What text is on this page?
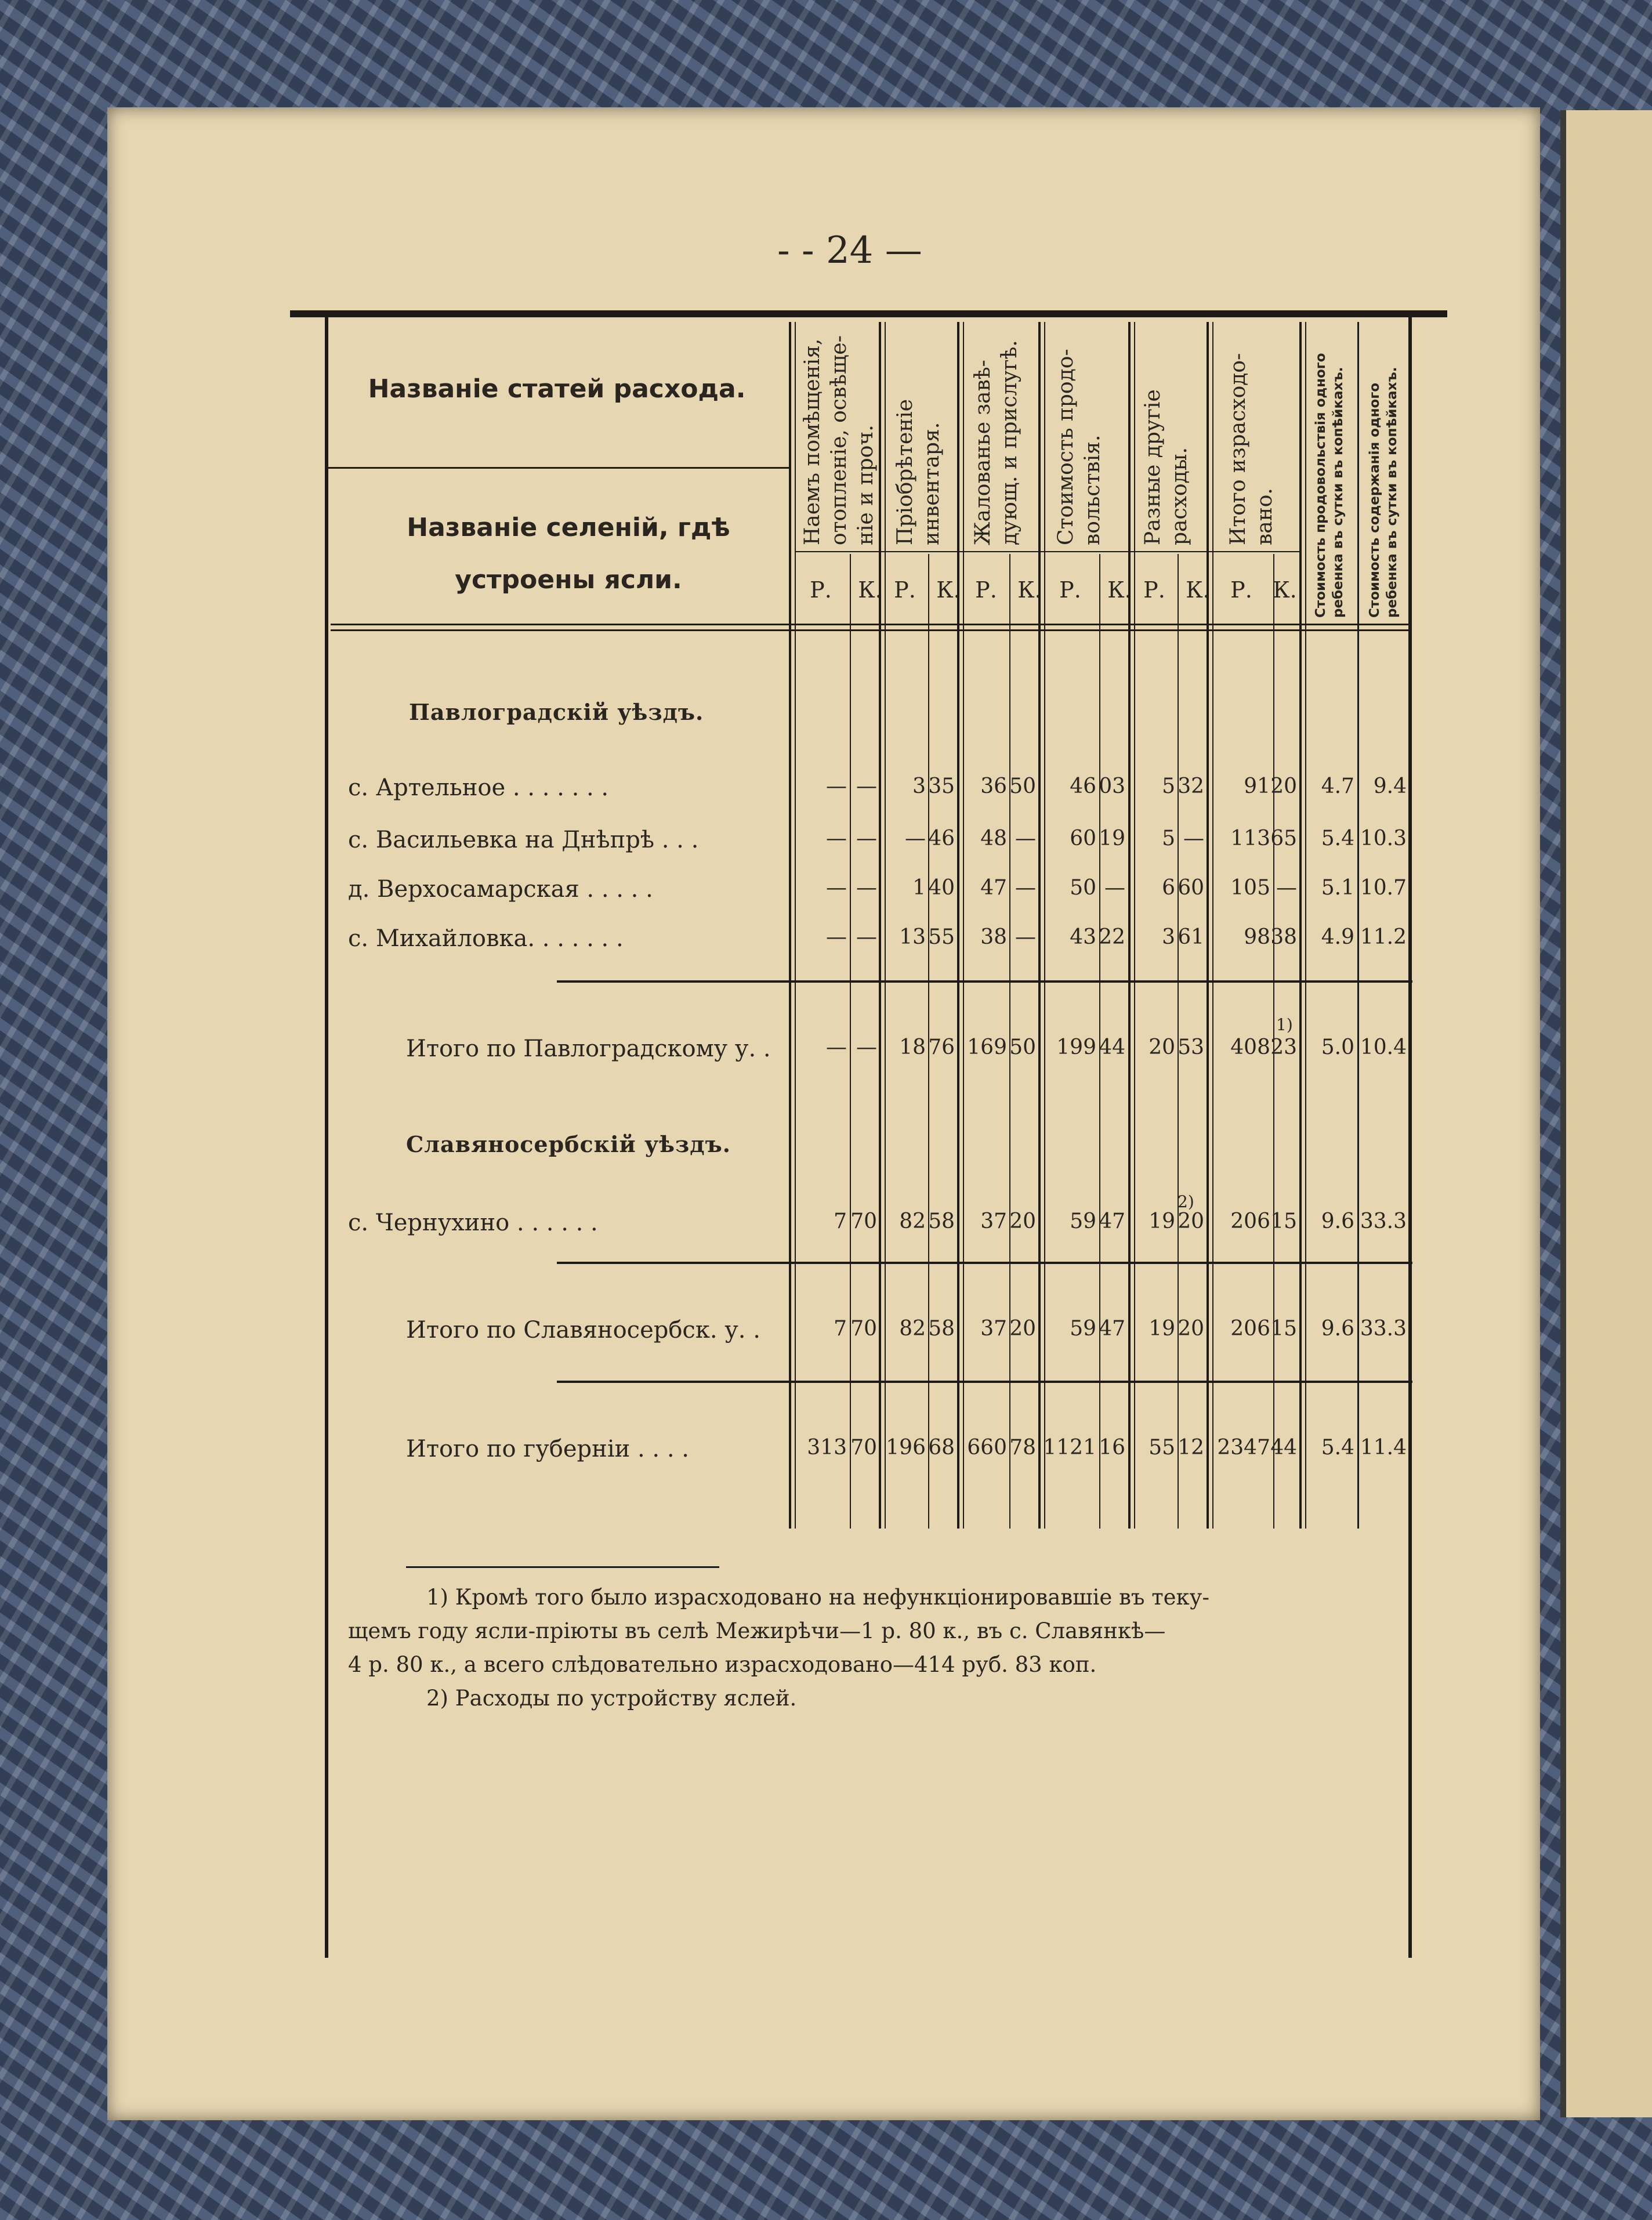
- - 24 —
Названіе статей расхода.
Названіе селеній, гдѣ устроены ясли.
Наемъ помѣщенія,
отопленіе, освѣще-
ніе и проч. Пріобрѣтеніе
инвентаря. Жалованье завѣ-
дующ. и прислугѣ.
Стоимость продо-
вольствія. Разные другіе
расходы. Итого израсходо-
вано.
Стоимость продовольствія одного
ребенка въ сутки въ копѣйкахъ.
Стоимость содержанія одного
ребенка въ сутки въ копѣйкахъ.
Р. К. Р. К. Р. К. Р. К. Р. К. Р. К.
Павлоградскій уѣздъ.
Славяносербскій уѣздъ.
с. Артельное . . . . . . .
с. Васильевка на Днѣпрѣ . . .
д. Верхосамарская . . . . .
с. Михайловка. . . . . . .
Итого по Павлоградскому у. .
с. Чернухино . . . . . .
Итого по Славяносербск. у. .
Итого по губерніи . . . .
1)
2)
— — 3 35 36 50 46 03 5 32 91 20 4.7 9.4
— — — 46 48 — 60 19 5 — 113 65 5.4 10.3
— — 1 40 47 — 50 — 6 60 105 — 5.1 10.7
— — 13 55 38 — 43 22 3 61 98 38 4.9 11.2
— — 18 76 169 50 199 44 20 53 408 23 5.0 10.4
7 70 82 58 37 20 59 47 19 20 206 15 9.6 33.3
7 70 82 58 37 20 59 47 19 20 206 15 9.6 33.3
313 70 196 68 660 78 1121 16 55 12 2347 44 5.4 11.4
1) Кромѣ того было израсходовано на нефункціонировавшіе въ теку-
щемъ году ясли-пріюты въ селѣ Межирѣчи—1 р. 80 к., въ с. Славянкѣ—
4 р. 80 к., а всего слѣдовательно израсходовано—414 руб. 83 коп.
2) Расходы по устройству яслей.
